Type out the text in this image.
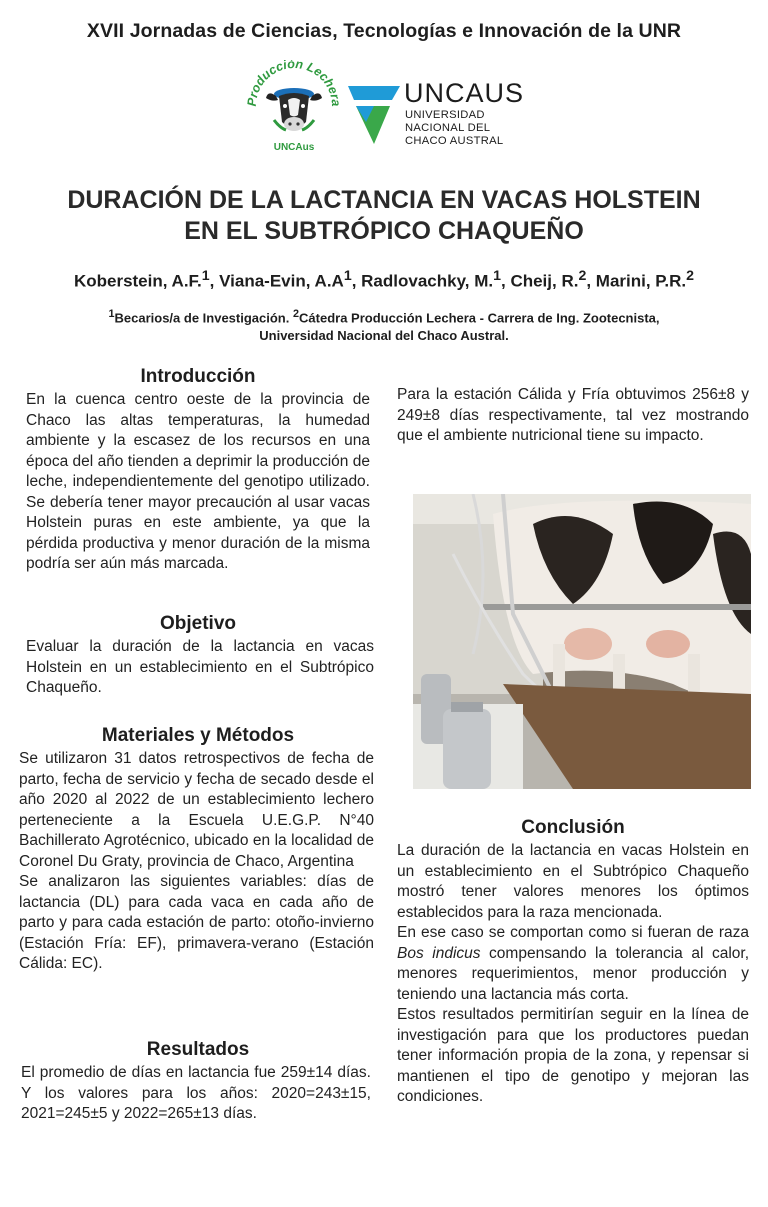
XVII Jornadas de Ciencias, Tecnologías e Innovación de la UNR
Producción Lechera
UNCAus
UNCAUS
UNIVERSIDAD
NACIONAL DEL
CHACO AUSTRAL
DURACIÓN DE LA LACTANCIA EN VACAS HOLSTEIN
EN EL SUBTRÓPICO CHAQUEÑO
Koberstein, A.F.$^1$, Viana-Evin, $A.A^1$, Radlovachky, M.$^1$, Cheij, R.$^2$, Marini, P.R.$^2$
$^1$Becarios/a de Investigación. $^2$Cátedra Producción Lechera - Carrera de Ing. Zootecnista,
Universidad Nacional del Chaco Austral.
Introducción
En la cuenca centro oeste de la provincia de Chaco las altas temperaturas, la humedad ambiente y la escasez de los recursos en una época del año tienden a deprimir la producción de leche, independientemente del genotipo utilizado. Se debería tener mayor precaución al usar vacas Holstein puras en este ambiente, ya que la pérdida productiva y menor duración de la misma podría ser aún más marcada.
Objetivo
Evaluar la duración de la lactancia en vacas Holstein en un establecimiento en el Subtrópico Chaqueño.
Materiales y Métodos

Se utilizaron 31 datos retrospectivos de fecha de parto, fecha de servicio y fecha de secado desde el año 2020 al 2022 de un establecimiento lechero perteneciente a la Escuela U.E.G.P. N°40 Bachillerato Agrotécnico, ubicado en la localidad de Coronel Du Graty, provincia de Chaco, Argentina

Se analizaron las siguientes variables: días de lactancia (DL) para cada vaca en cada año de parto y para cada estación de parto: otoño-invierno (Estación Fría: EF), primavera-verano (Estación Cálida: EC).

Resultados
El promedio de días en lactancia fue 259±14 días. Y los valores para los años: 2020=243±15, 2021=245±5 y 2022=265±13 días.
Para la estación Cálida y Fría obtuvimos 256±8 y 249±8 días respectivamente, tal vez mostrando que el ambiente nutricional tiene su impacto.
Conclusión

La duración de la lactancia en vacas Holstein en un establecimiento en el Subtrópico Chaqueño mostró tener valores menores los óptimos establecidos para la raza mencionada.

En ese caso se comportan como si fueran de raza Bos indicus compensando la tolerancia al calor, menores requerimientos, menor producción y teniendo una lactancia más corta.

Estos resultados permitirían seguir en la línea de investigación para que los productores puedan tener información propia de la zona, y repensar si mantienen el tipo de genotipo y mejoran las condiciones.
